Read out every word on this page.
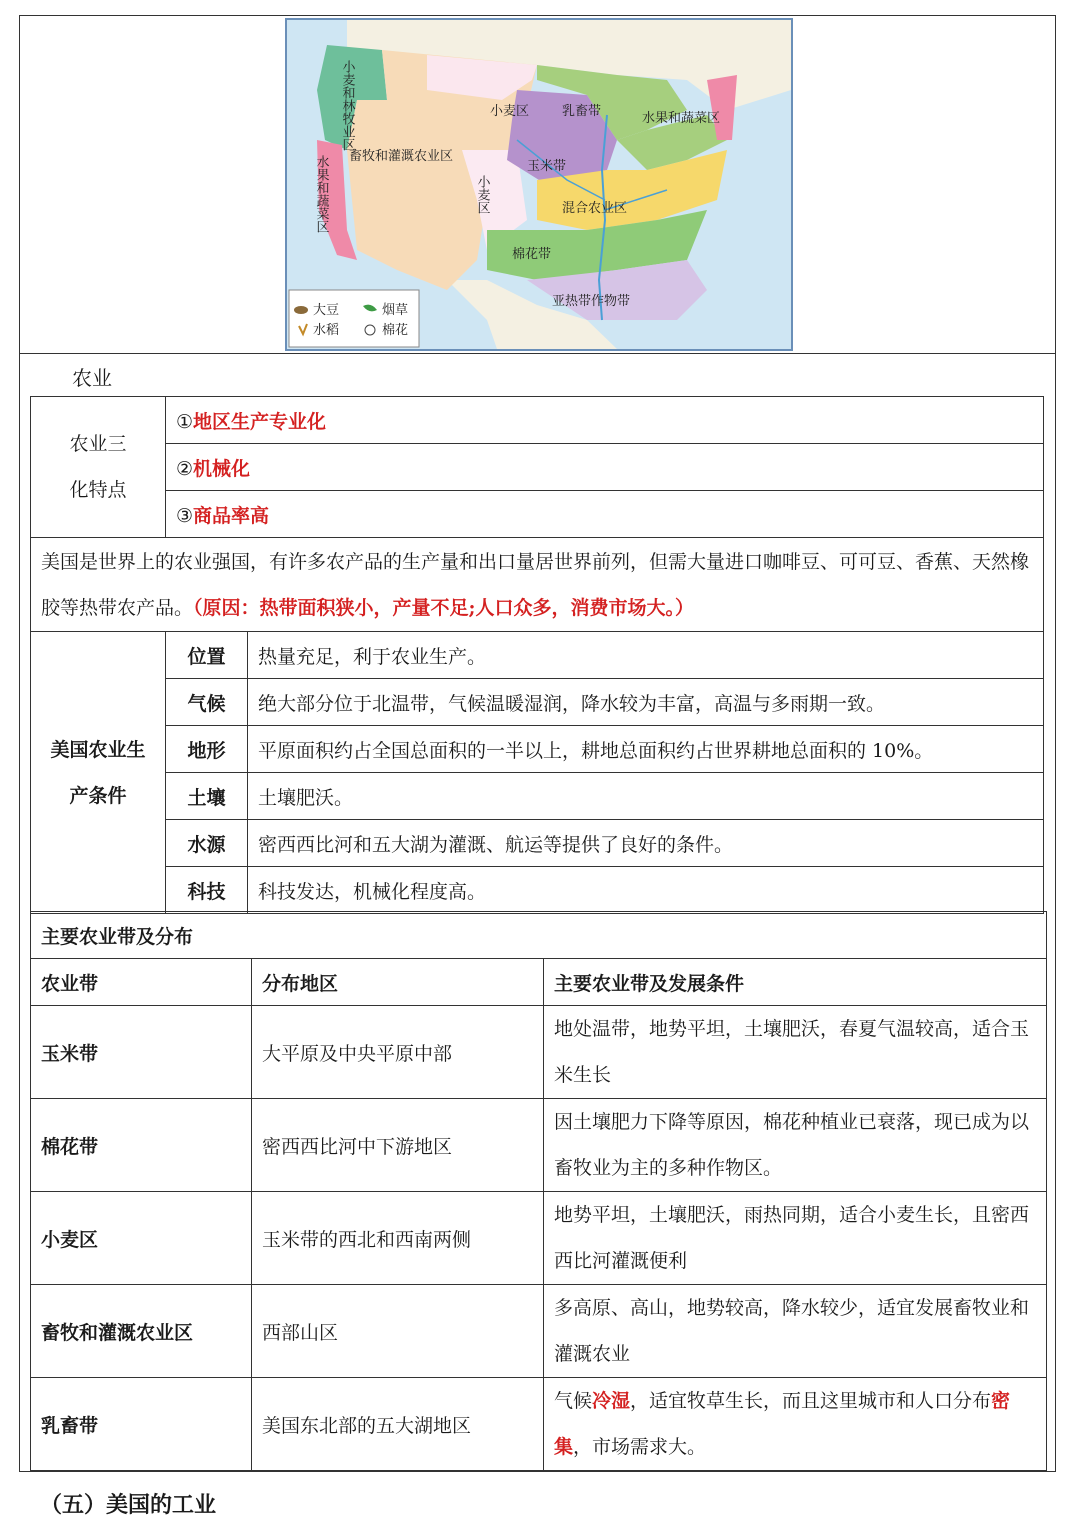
小麦和林牧业区
畜牧和灌溉农业区
小麦区
小麦区
乳畜带	水果和蔬菜区
水果和蔬菜区	玉米带
混合农业区
棉花带
亚热带作物带
大豆	烟草
水稻	棉花
农业
农业三化特点	①地区生产专业化	
	②机械化	
	③商品率高	
美国是世界上的农业强国，有许多农产品的生产量和出口量居世界前列，但需大量进口咖啡豆、可可豆、香蕉、天然橡胶等热带农产品。（原因：热带面积狭小，产量不足;人口众多，消费市场大。）		
美国农业生产条件	位置	热量充足，利于农业生产。
	气候	绝大部分位于北温带，气候温暖湿润，降水较为丰富，高温与多雨期一致。
	地形	平原面积约占全国总面积的一半以上，耕地总面积约占世界耕地总面积的 10%。
	土壤	土壤肥沃。
	水源	密西西比河和五大湖为灌溉、航运等提供了良好的条件。
	科技	科技发达，机械化程度高。
主要农业带及分布		
农业带	分布地区	主要农业带及发展条件
玉米带	大平原及中央平原中部	地处温带，地势平坦，土壤肥沃，春夏气温较高，适合玉米生长
棉花带	密西西比河中下游地区	因土壤肥力下降等原因，棉花种植业已衰落，现已成为以畜牧业为主的多种作物区。
小麦区	玉米带的西北和西南两侧	地势平坦，土壤肥沃，雨热同期，适合小麦生长，且密西西比河灌溉便利
畜牧和灌溉农业区	西部山区	多高原、高山，地势较高，降水较少，适宜发展畜牧业和灌溉农业
乳畜带	美国东北部的五大湖地区	气候冷湿，适宜牧草生长，而且这里城市和人口分布密集，市场需求大。
（五）美国的工业
